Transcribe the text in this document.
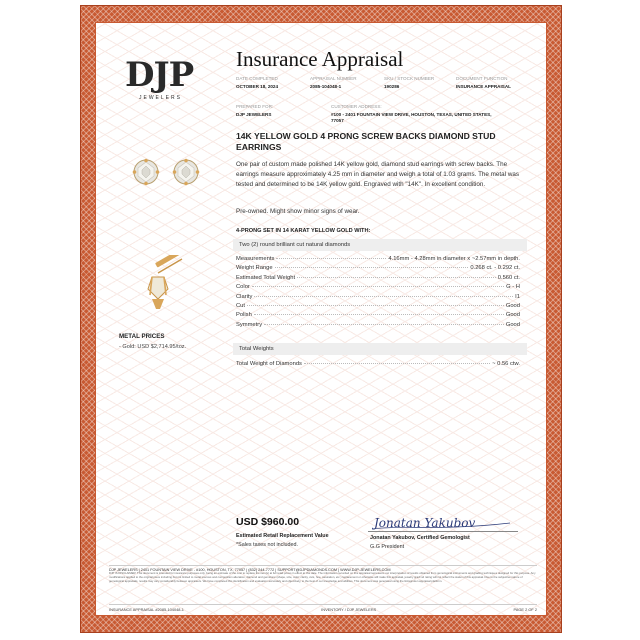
DJP
JEWELERS
Insurance Appraisal
DATE COMPLETED
OCTOBER 18, 2024
APPRAISAL NUMBER
2085-104048-1
SKU / STOCK NUMBER
190286
DOCUMENT FUNCTION
INSURANCE APPRAISAL
PREPARED FOR:
DJP JEWELERS
CUSTOMER ADDRESS:
#100 - 2401 FOUNTAIN VIEW DRIVE, HOUSTON, TEXAS, UNITED STATES,
77057
14K YELLOW GOLD 4 PRONG SCREW BACKS DIAMOND STUD EARRINGS
One pair of custom made polished 14K yellow gold, diamond stud earrings with screw backs. The earrings measure approximately 4.25 mm in diameter and weigh a total of 1.03 grams. The metal was tested and determined to be 14K yellow gold. Engraved with "14K". In excellent condition.
Pre-owned. Might show minor signs of wear.
METAL PRICES
- Gold: USD $2,714.95/toz.
4-PRONG SET IN 14 KARAT YELLOW GOLD WITH:
Two (2) round brilliant cut natural diamonds
Measurements	4.16mm - 4.28mm in diameter x ~2.57mm in depth.
Weight Range	0.268 ct. - 0.292 ct.
Estimated Total Weight	0.560 ct.
Color	G - H
Clarity	I1
Cut	Good
Polish	Good
Symmetry	Good
Total Weights
Total Weight of Diamonds	~ 0.56 ctw.
USD $960.00
Estimated Retail Replacement Value
*Sales taxes not included.
Jonatan Yakubov
Jonatan Yakubov, Certified Gemologist
G.G President
DJP JEWELERS | 2401 FOUNTAIN VIEW DRIVE - #100, HOUSTON, TX, 77057 | (832) 244-7772 | SUPPORT@DJPDIAMONDS.COM | WWW.DJP-JEWELERS.COM
DJP IS DISCLAIMER: This document is intended for insurance purposes only, being an estimate of the cost to replace the item(s) at full retail prices in effect at this date. The information recorded on this appraisal represents our interpretation of results obtained from gemological instruments and grading techniques designed for this purpose. Any modifications applied to the original piece including but not limited to metal sources and composition alteration, diamond and gemstone (shape, size, color, clarity, cuts, hue, saturation, etc.) replacement or otherwise will make this appraisal, jewelry gradi nd rating will not reflect the status of this appraisal. Due to the subjective nature of gemological appraisals, results may vary considerably between appraisers. We have completed this identification and evaluation accurately and objectively, to the best of our knowledge and abilities. This document was generated using the linksgnolen appraisal platform.
INSURANCE APPRAISAL #2085-104048-1	INVENTORY / DJP JEWELERS	PAGE 2 OF 2
